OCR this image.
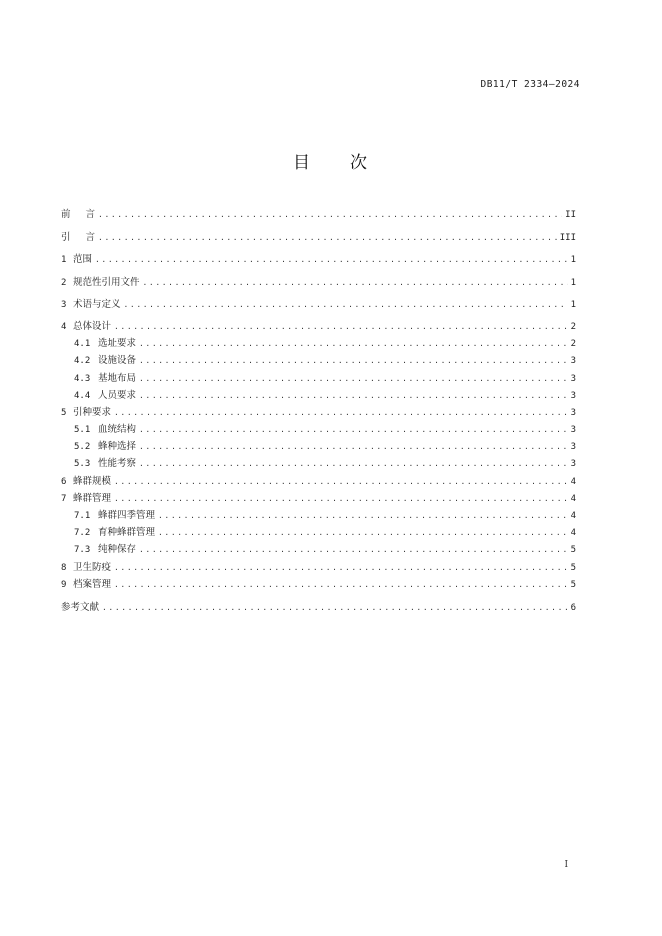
DB11/T 2334—2024
目 次
前 言 .....	II
引 言 .....	III
1 范围 .....	1
2 规范性引用文件 .....	1
3 术语与定义 .....	1
4 总体设计 .....	2
4.1 选址要求 .....	2
4.2 设施设备 .....	3
4.3 基地布局 .....	3
4.4 人员要求 .....	3
5 引种要求 .....	3
5.1 血统结构 .....	3
5.2 蜂种选择 .....	3
5.3 性能考察 .....	3
6 蜂群规模 .....	4
7 蜂群管理 .....	4
7.1 蜂群四季管理 .....	4
7.2 育种蜂群管理 .....	4
7.3 纯种保存 .....	5
8 卫生防疫 .....	5
9 档案管理 .....	5
参考文献 .....	6
I
